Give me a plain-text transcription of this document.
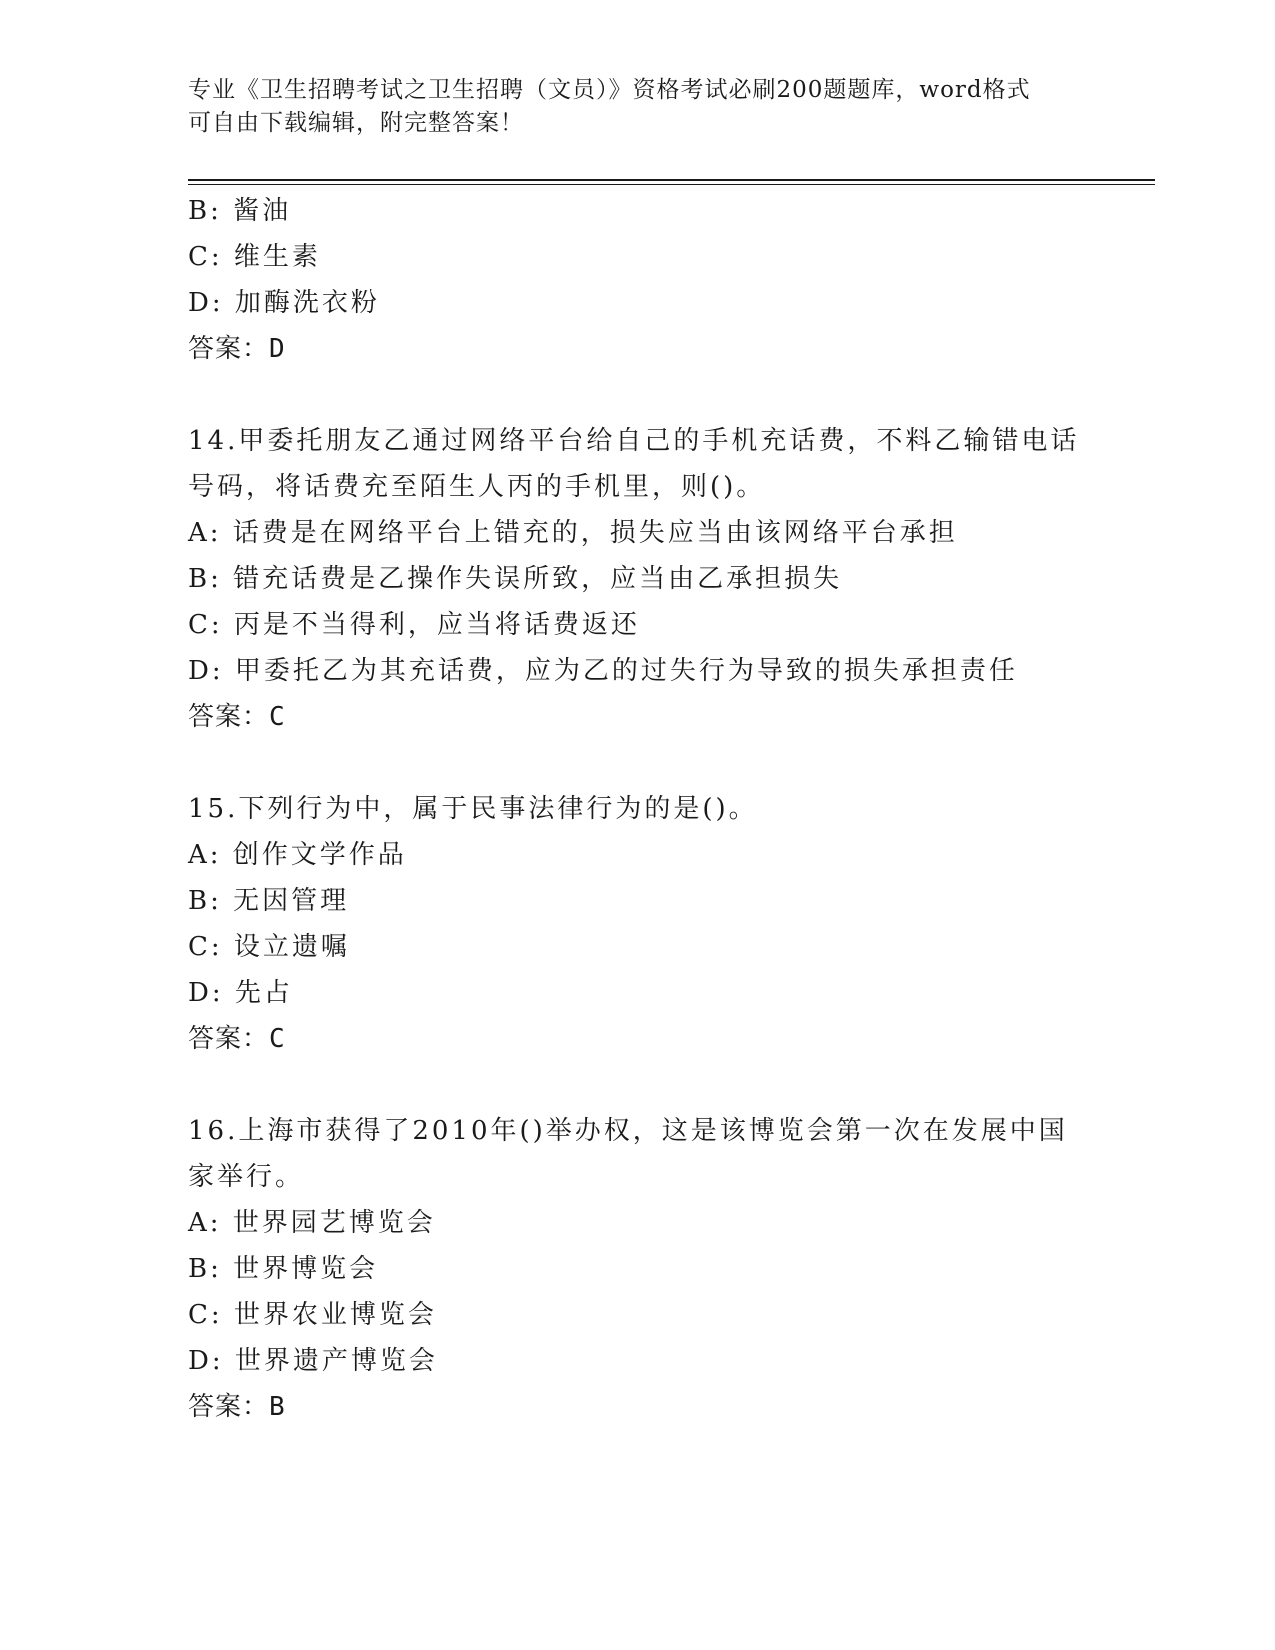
专业《卫生招聘考试之卫生招聘（文员）》资格考试必刷200题题库，word格式
可自由下载编辑，附完整答案！
B: 酱油
C: 维生素
D: 加酶洗衣粉
答案：D
14.甲委托朋友乙通过网络平台给自己的手机充话费，不料乙输错电话
号码，将话费充至陌生人丙的手机里，则()。
A: 话费是在网络平台上错充的，损失应当由该网络平台承担
B: 错充话费是乙操作失误所致，应当由乙承担损失
C: 丙是不当得利，应当将话费返还
D: 甲委托乙为其充话费，应为乙的过失行为导致的损失承担责任
答案：C
15.下列行为中，属于民事法律行为的是()。
A: 创作文学作品
B: 无因管理
C: 设立遗嘱
D: 先占
答案：C
16.上海市获得了2010年()举办权，这是该博览会第一次在发展中国
家举行。
A: 世界园艺博览会
B: 世界博览会
C: 世界农业博览会
D: 世界遗产博览会
答案：B
